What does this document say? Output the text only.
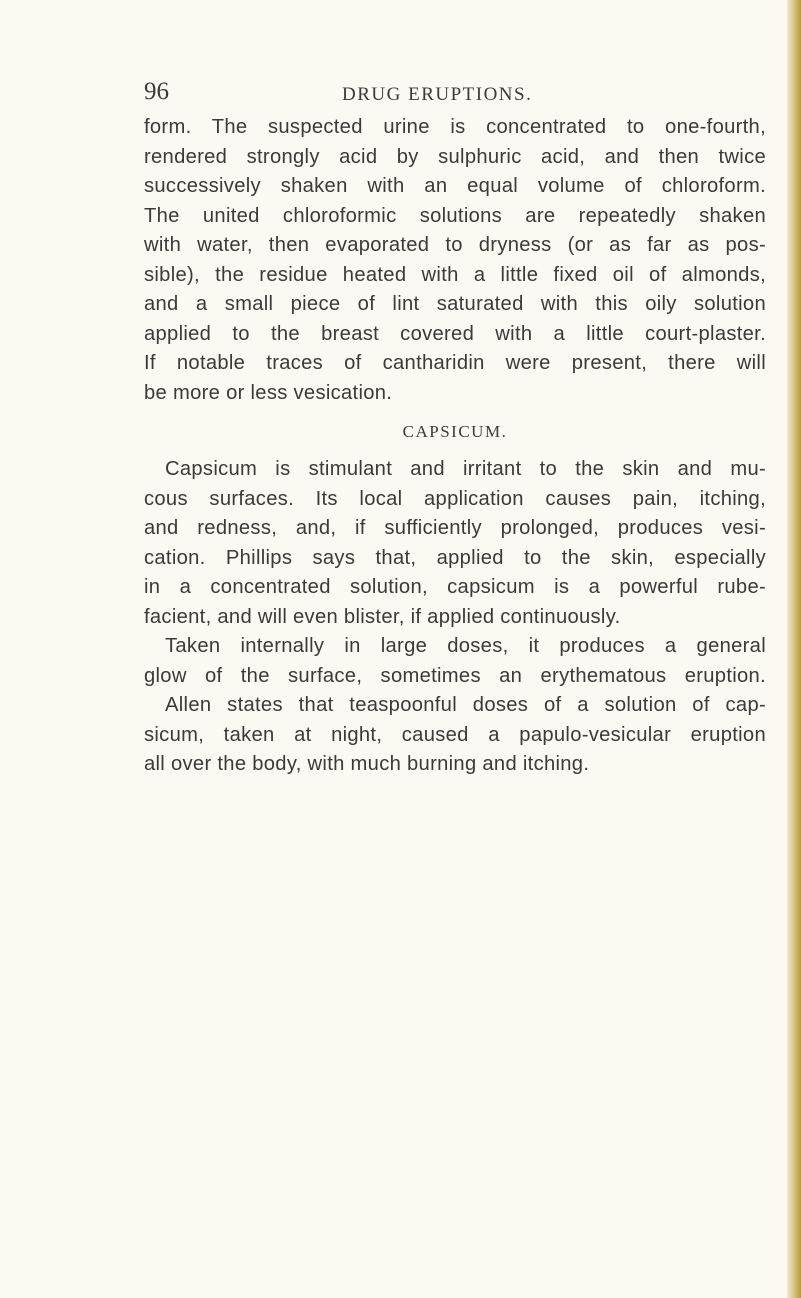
96	DRUG ERUPTIONS.
form. The suspected urine is concentrated to one-fourth,
rendered strongly acid by sulphuric acid, and then twice
successively shaken with an equal volume of chloroform.
The united chloroformic solutions are repeatedly shaken
with water, then evaporated to dryness (or as far as pos-
sible), the residue heated with a little fixed oil of almonds,
and a small piece of lint saturated with this oily solution
applied to the breast covered with a little court-plaster.
If notable traces of cantharidin were present, there will
be more or less vesication.
CAPSICUM.
Capsicum is stimulant and irritant to the skin and mu-
cous surfaces. Its local application causes pain, itching,
and redness, and, if sufficiently prolonged, produces vesi-
cation. Phillips says that, applied to the skin, especially
in a concentrated solution, capsicum is a powerful rube-
facient, and will even blister, if applied continuously.
Taken internally in large doses, it produces a general
glow of the surface, sometimes an erythematous eruption.
Allen states that teaspoonful doses of a solution of cap-
sicum, taken at night, caused a papulo-vesicular eruption
all over the body, with much burning and itching.
